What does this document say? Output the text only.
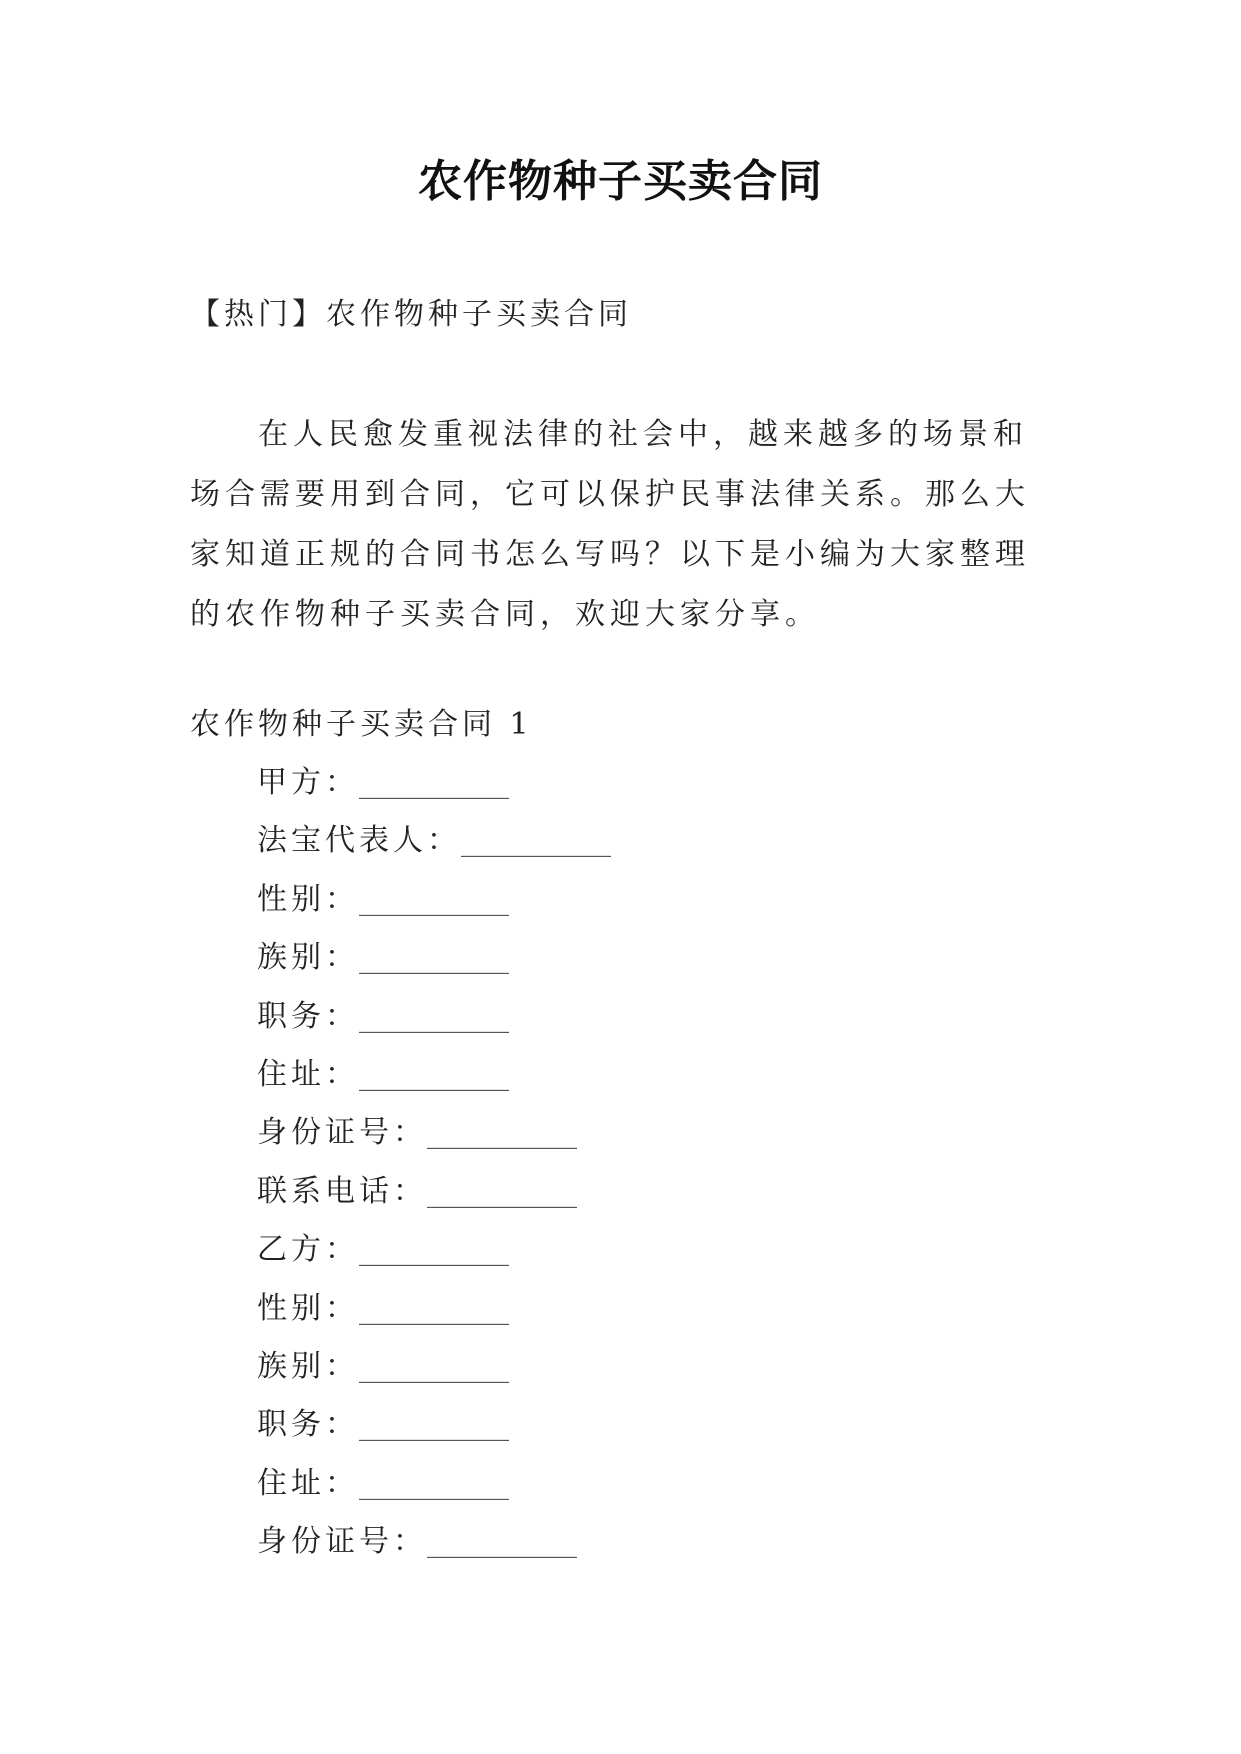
农作物种子买卖合同

【热门】农作物种子买卖合同

在人民愈发重视法律的社会中，越来越多的场景和场合需要用到合同，它可以保护民事法律关系。那么大家知道正规的合同书怎么写吗？以下是小编为大家整理的农作物种子买卖合同，欢迎大家分享。

农作物种子买卖合同 1

甲方：__________
法宝代表人：__________
性别：__________
族别：__________
职务：__________
住址：__________
身份证号：__________
联系电话：__________
乙方：__________
性别：__________
族别：__________
职务：__________
住址：__________
身份证号：__________
